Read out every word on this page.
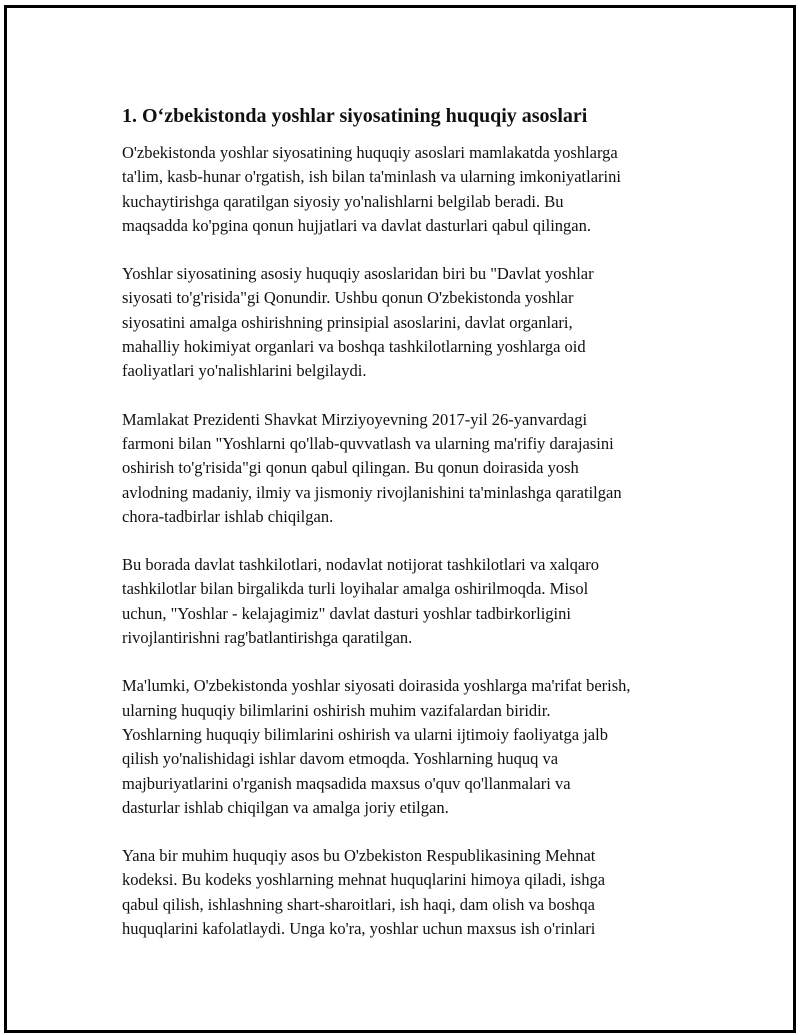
1. O‘zbekistonda yoshlar siyosatining huquqiy asoslari

O'zbekistonda yoshlar siyosatining huquqiy asoslari mamlakatda yoshlarga
ta'lim, kasb-hunar o'rgatish, ish bilan ta'minlash va ularning imkoniyatlarini
kuchaytirishga qaratilgan siyosiy yo'nalishlarni belgilab beradi. Bu
maqsadda ko'pgina qonun hujjatlari va davlat dasturlari qabul qilingan.

Yoshlar siyosatining asosiy huquqiy asoslaridan biri bu "Davlat yoshlar
siyosati to'g'risida"gi Qonundir. Ushbu qonun O'zbekistonda yoshlar
siyosatini amalga oshirishning prinsipial asoslarini, davlat organlari,
mahalliy hokimiyat organlari va boshqa tashkilotlarning yoshlarga oid
faoliyatlari yo'nalishlarini belgilaydi.

Mamlakat Prezidenti Shavkat Mirziyoyevning 2017-yil 26-yanvardagi
farmoni bilan "Yoshlarni qo'llab-quvvatlash va ularning ma'rifiy darajasini
oshirish to'g'risida"gi qonun qabul qilingan. Bu qonun doirasida yosh
avlodning madaniy, ilmiy va jismoniy rivojlanishini ta'minlashga qaratilgan
chora-tadbirlar ishlab chiqilgan.

Bu borada davlat tashkilotlari, nodavlat notijorat tashkilotlari va xalqaro
tashkilotlar bilan birgalikda turli loyihalar amalga oshirilmoqda. Misol
uchun, "Yoshlar - kelajagimiz" davlat dasturi yoshlar tadbirkorligini
rivojlantirishni rag'batlantirishga qaratilgan.

Ma'lumki, O'zbekistonda yoshlar siyosati doirasida yoshlarga ma'rifat berish,
ularning huquqiy bilimlarini oshirish muhim vazifalardan biridir.
Yoshlarning huquqiy bilimlarini oshirish va ularni ijtimoiy faoliyatga jalb
qilish yo'nalishidagi ishlar davom etmoqda. Yoshlarning huquq va
majburiyatlarini o'rganish maqsadida maxsus o'quv qo'llanmalari va
dasturlar ishlab chiqilgan va amalga joriy etilgan.

Yana bir muhim huquqiy asos bu O'zbekiston Respublikasining Mehnat
kodeksi. Bu kodeks yoshlarning mehnat huquqlarini himoya qiladi, ishga
qabul qilish, ishlashning shart-sharoitlari, ish haqi, dam olish va boshqa
huquqlarini kafolatlaydi. Unga ko'ra, yoshlar uchun maxsus ish o'rinlari
